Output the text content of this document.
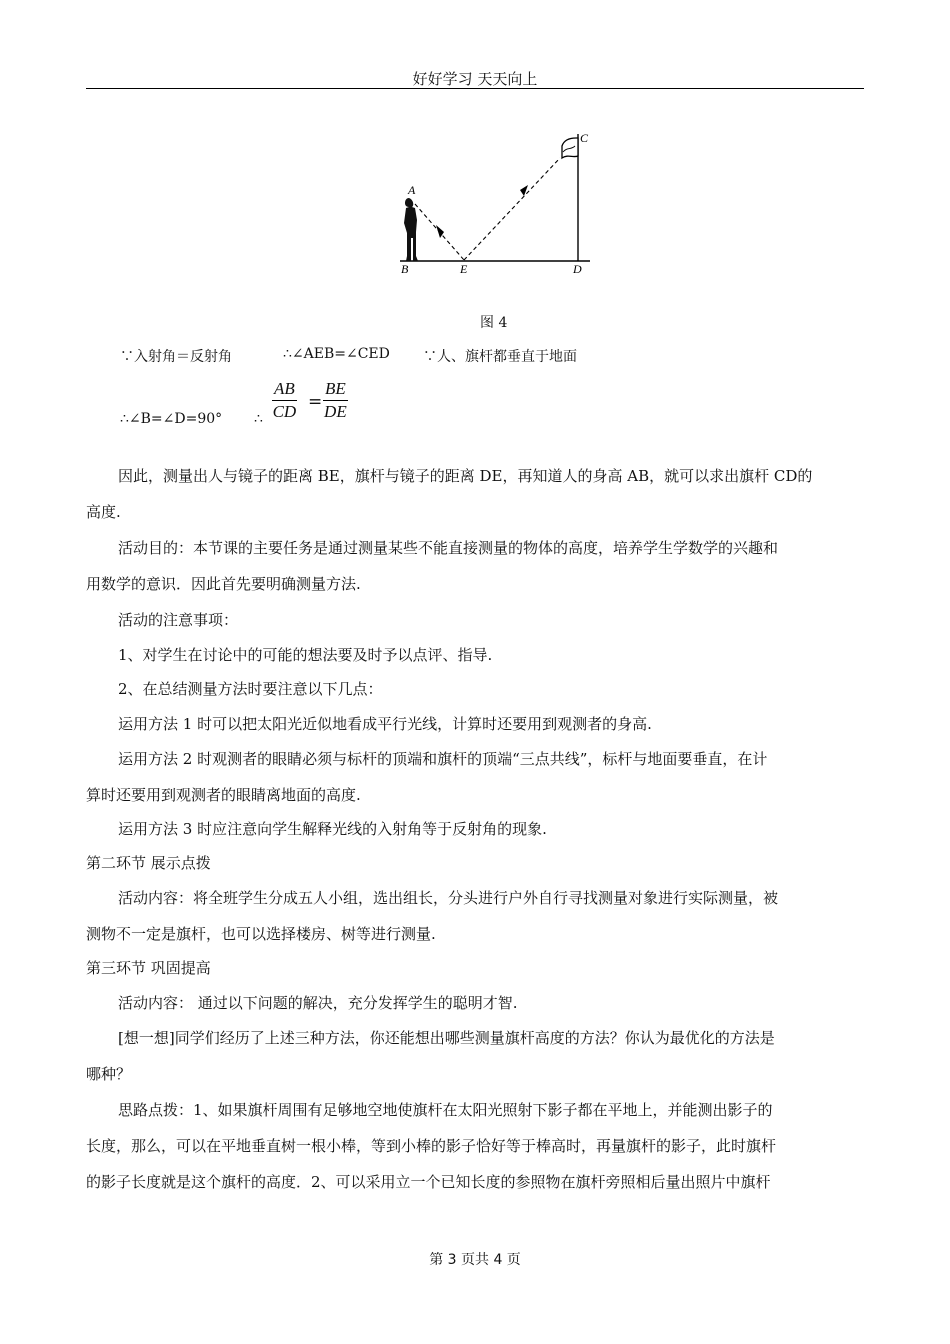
好好学习 天天向上
A
B	E	D
C
图 4
∵入射角＝反射角	∴∠AEB=∠CED ∵人、旗杆都垂直于地面
∴∠B=∠D=90° ∴ $\frac{AB}{CD} = \frac{BE}{DE}$
因此，测量出人与镜子的距离 BE，旗杆与镜子的距离 DE，再知道人的身高 AB，就可以求出旗杆 CD的
高度.
活动目的：本节课的主要任务是通过测量某些不能直接测量的物体的高度，培养学生学数学的兴趣和
用数学的意识．因此首先要明确测量方法.
活动的注意事项：
1、对学生在讨论中的可能的想法要及时予以点评、指导.
2、在总结测量方法时要注意以下几点：
运用方法 1 时可以把太阳光近似地看成平行光线，计算时还要用到观测者的身高.
运用方法 2 时观测者的眼睛必须与标杆的顶端和旗杆的顶端“三点共线”，标杆与地面要垂直，在计
算时还要用到观测者的眼睛离地面的高度.
运用方法 3 时应注意向学生解释光线的入射角等于反射角的现象.
第二环节 展示点拨
活动内容：将全班学生分成五人小组，选出组长，分头进行户外自行寻找测量对象进行实际测量，被
测物不一定是旗杆，也可以选择楼房、树等进行测量.
第三环节 巩固提高
活动内容： 通过以下问题的解决，充分发挥学生的聪明才智.
[想一想]同学们经历了上述三种方法，你还能想出哪些测量旗杆高度的方法？你认为最优化的方法是
哪种？
思路点拨：1、如果旗杆周围有足够地空地使旗杆在太阳光照射下影子都在平地上，并能测出影子的
长度，那么，可以在平地垂直树一根小棒，等到小棒的影子恰好等于棒高时，再量旗杆的影子，此时旗杆
的影子长度就是这个旗杆的高度．2、可以采用立一个已知长度的参照物在旗杆旁照相后量出照片中旗杆
第 3 页共 4 页
